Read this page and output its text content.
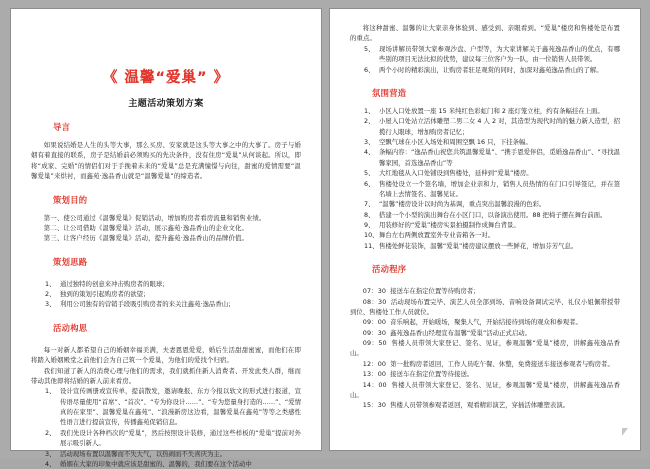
《 温馨“爱巢” 》
主题活动策划方案
导言

如果说结婚是人生的头等大事，那么买房、安家就是这头等大事之中的大事了。房子与婚姻有着直接的联系，房子是结婚前必须购买的先决条件，没有住房“爱巢”从何谈起。所以，即将“成家、完婚”的情侣们对于手挽着未来的“爱巢”总是充满憧憬与向往，甜蜜的爱情需要“温馨爱巢”来烘衬，而鑫苑·逸品香山就是“温馨爱巢”的缔造者。

策划目的

第一、使公司通过《温馨爱巢》促销活动，增加购房者看房流量和销售业绩。

第二、让公司借助《温馨爱巢》活动，展示鑫苑·逸品香山的企业文化。

第三、让客户经历《温馨爱巢》活动，提升鑫苑·逸品香山的品牌价值。

策划思路
1、 通过独特的创意来冲击购房者的眼球；
2、 独到的策划引起购房者的欲望；
3、 利用公司独有的营销手段吸引购房者的来关注鑫苑·逸品香山；
活动构思

每一对新人都希望自己的婚姻幸福美满，夫妻恩恩爱爱，婚后生活甜甜蜜蜜，而他们在即将踏入婚姻殿堂之前他们会为自己筑一个爱巢，为他们的爱找个归宿。

我们知道了新人的消费心理与他们的需求，我们就抓住新人消费者、开发此类人群，继而带动其他即将结婚的新人前来看房。

1、 设计宣传画册或宣传单，提前散发，邀请晚报、东方今报以软文的形式进行报道，宣传语尽量使用“首席”、“首次”、“专为你设计……”、“专为您量身打造的……”、“爱情真的在家里”、温馨爱巢在鑫苑”、“浪漫新房这边看，温馨爱巢在鑫苑”等等之类感性性语言进行提前宣传，传播鑫苑促销信息。
2、 我们先设计各种档次的“爱巢”，然后按照设计装修，通过这些样板的“爱巢”提前对外展示吸引新人。
3、 活动现场布置以温馨而不失大气，以热闹而不失喜庆为主。
4、 婚姻在大家的印象中就应该是甜蜜的、温馨的，我们要在这个活动中

将这种甜蜜、温馨的让大家亲身体验到、感受到、亲眼看到。“爱巢”楼房和售楼处是布置的重点。

5、 现场讲解员带领大家参观沙盘、户型等，为大家讲解关于鑫苑逸品香山的优点，有哪些别的项目无法比拟的优势，建议每三位客户为一队，由一位销售人员带领。
6、 两个小时的精彩演出，让购房者驻足观赏的同时，加深对鑫苑逸品香山的了解。
氛围营造
1、 小区入口处放置一座 15 米纯红色彩虹门和 2 座灯笼立柱，约有条幅挂在上面。
2、 小屋入口处站立活体雕塑二男二女 4 人 2 对，其造型为现代时尚的魅力新人造型，招揽行人眼球，增加购房者记忆；
3、 空飘气球在小区入场处和周围空飘 16 只，下挂条幅。
4、 条幅内容：“逸品香山祝您共筑温馨爱巢”、“携手恩爱伴侣，觅婚逸品香山”、“寻找温馨家园，首选逸品香山”等
5、 大红地毯从入口处铺设到售楼处，延伸到“爱巢”楼房。
6、 售楼处设立一个签名墙，增加企业亲和力，销售人员热情的在门口引导签记，并在签名墙上去情签名、温馨见证。
7、 “温馨”楼房设计以时尚为基调，重点突出温馨浪漫的色彩。
8、 搭建一个小型的演出舞台在小区门口，以备演出使用。88 把椅子摆在舞台前面。
9、 用装修好的“爱巢”楼房实景拍摄制作成舞台背景。
10、 舞台左右两侧放置室外专业音箱各一对。
11、 售楼处鲜花装饰，温馨“爱巢”楼房建议摆放一些鲜花，增加芬芳气息。
活动程序
07：30 接送车在指定位置等待购房者；
08：30 活动现场布置完毕、演艺人员全部到场、音响设备调试完毕、礼仪小姐佩带授带到位、售楼处工作人员就位。
09：00 音乐响起，开始暖场，聚集人气，开始结接待到场的观众和参观者。
09：30 鑫苑逸品香山经理宣布温馨“爱巢”活动正式启动。
09：50 售楼人员带领大家登记、签名、见证，参观温馨“爱巢”楼房，讲解鑫苑逸品香山。
12：00 第一批购房者返回，工作人员吃午餐、休整，免费接送车接送参观者与购房者。
13：00 接送车在指定位置等待接送。
14：00 售楼人员带领大家登记、签名、见证，参观温馨“爱巢”楼房，讲解鑫苑逸品香山。
15：30 售楼人员带领参观者返回，观看精彩演艺，穿插活体雕塑表演。
